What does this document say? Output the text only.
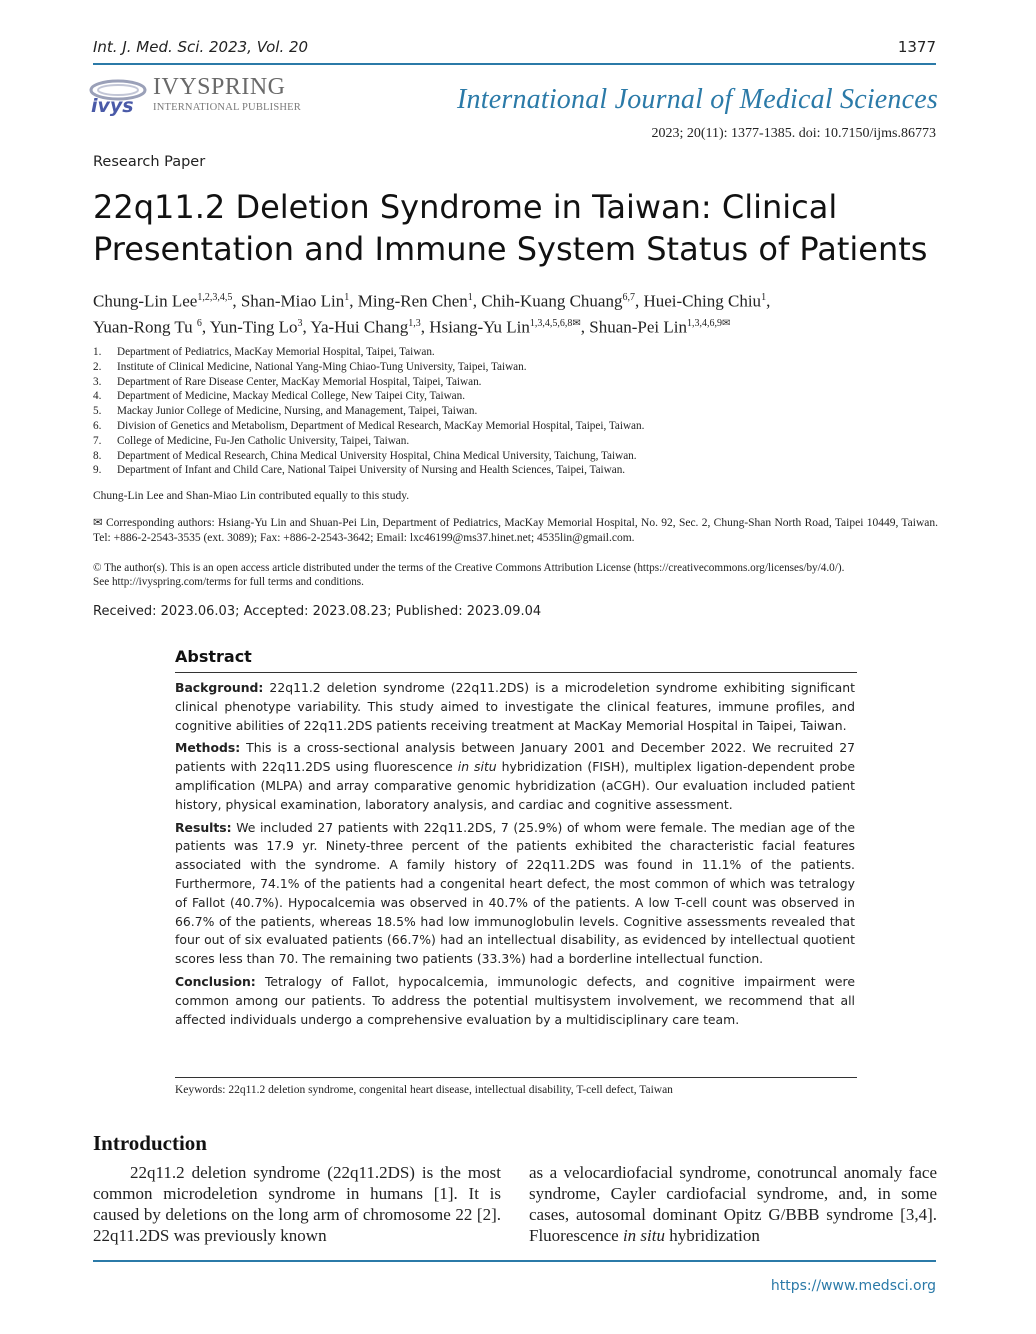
Int. J. Med. Sci. 2023, Vol. 20	1377
ivys
IVYSPRING
INTERNATIONAL PUBLISHER	International Journal of Medical Sciences
2023; 20(11): 1377-1385. doi: 10.7150/ijms.86773
Research Paper
22q11.2 Deletion Syndrome in Taiwan: Clinical
Presentation and Immune System Status of Patients
Chung-Lin Lee$^{1,2,3,4,5}$, Shan-Miao Lin$^1$, Ming-Ren Chen$^1$, Chih-Kuang Chuang$^{6,7}$, Huei-Ching Chiu$^1$,
Yuan-Rong Tu $^6$, Yun-Ting Lo$^3$, Ya-Hui Chang$^{1,3}$, Hsiang-Yu Lin$^{1,3,4,5,6,8✉}$, Shuan-Pei Lin$^{1,3,4,6,9✉}$
1. Department of Pediatrics, MacKay Memorial Hospital, Taipei, Taiwan.
2. Institute of Clinical Medicine, National Yang-Ming Chiao-Tung University, Taipei, Taiwan.
3. Department of Rare Disease Center, MacKay Memorial Hospital, Taipei, Taiwan.
4. Department of Medicine, Mackay Medical College, New Taipei City, Taiwan.
5. Mackay Junior College of Medicine, Nursing, and Management, Taipei, Taiwan.
6. Division of Genetics and Metabolism, Department of Medical Research, MacKay Memorial Hospital, Taipei, Taiwan.
7. College of Medicine, Fu-Jen Catholic University, Taipei, Taiwan.
8. Department of Medical Research, China Medical University Hospital, China Medical University, Taichung, Taiwan.
9. Department of Infant and Child Care, National Taipei University of Nursing and Health Sciences, Taipei, Taiwan.
Chung-Lin Lee and Shan-Miao Lin contributed equally to this study.
✉ Corresponding authors: Hsiang-Yu Lin and Shuan-Pei Lin, Department of Pediatrics, MacKay Memorial Hospital, No. 92, Sec. 2, Chung-Shan North Road, Taipei 10449, Taiwan. Tel: +886-2-2543-3535 (ext. 3089); Fax: +886-2-2543-3642; Email: lxc46199@ms37.hinet.net; 4535lin@gmail.com.
© The author(s). This is an open access article distributed under the terms of the Creative Commons Attribution License (https://creativecommons.org/licenses/by/4.0/).
See http://ivyspring.com/terms for full terms and conditions.
Received: 2023.06.03; Accepted: 2023.08.23; Published: 2023.09.04
Abstract

Background: 22q11.2 deletion syndrome (22q11.2DS) is a microdeletion syndrome exhibiting significant clinical phenotype variability. This study aimed to investigate the clinical features, immune profiles, and cognitive abilities of 22q11.2DS patients receiving treatment at MacKay Memorial Hospital in Taipei, Taiwan.

Methods: This is a cross-sectional analysis between January 2001 and December 2022. We recruited 27 patients with 22q11.2DS using fluorescence in situ hybridization (FISH), multiplex ligation-dependent probe amplification (MLPA) and array comparative genomic hybridization (aCGH). Our evaluation included patient history, physical examination, laboratory analysis, and cardiac and cognitive assessment.

Results: We included 27 patients with 22q11.2DS, 7 (25.9%) of whom were female. The median age of the patients was 17.9 yr. Ninety-three percent of the patients exhibited the characteristic facial features associated with the syndrome. A family history of 22q11.2DS was found in 11.1% of the patients. Furthermore, 74.1% of the patients had a congenital heart defect, the most common of which was tetralogy of Fallot (40.7%). Hypocalcemia was observed in 40.7% of the patients. A low T-cell count was observed in 66.7% of the patients, whereas 18.5% had low immunoglobulin levels. Cognitive assessments revealed that four out of six evaluated patients (66.7%) had an intellectual disability, as evidenced by intellectual quotient scores less than 70. The remaining two patients (33.3%) had a borderline intellectual function.

Conclusion: Tetralogy of Fallot, hypocalcemia, immunologic defects, and cognitive impairment were common among our patients. To address the potential multisystem involvement, we recommend that all affected individuals undergo a comprehensive evaluation by a multidisciplinary care team.

Keywords: 22q11.2 deletion syndrome, congenital heart disease, intellectual disability, T-cell defect, Taiwan
Introduction

22q11.2 deletion syndrome (22q11.2DS) is the most common microdeletion syndrome in humans [1]. It is caused by deletions on the long arm of chromosome 22 [2]. 22q11.2DS was previously known

as a velocardiofacial syndrome, conotruncal anomaly face syndrome, Cayler cardiofacial syndrome, and, in some cases, autosomal dominant Opitz G/BBB syndrome [3,4]. Fluorescence in situ hybridization

https://www.medsci.org
